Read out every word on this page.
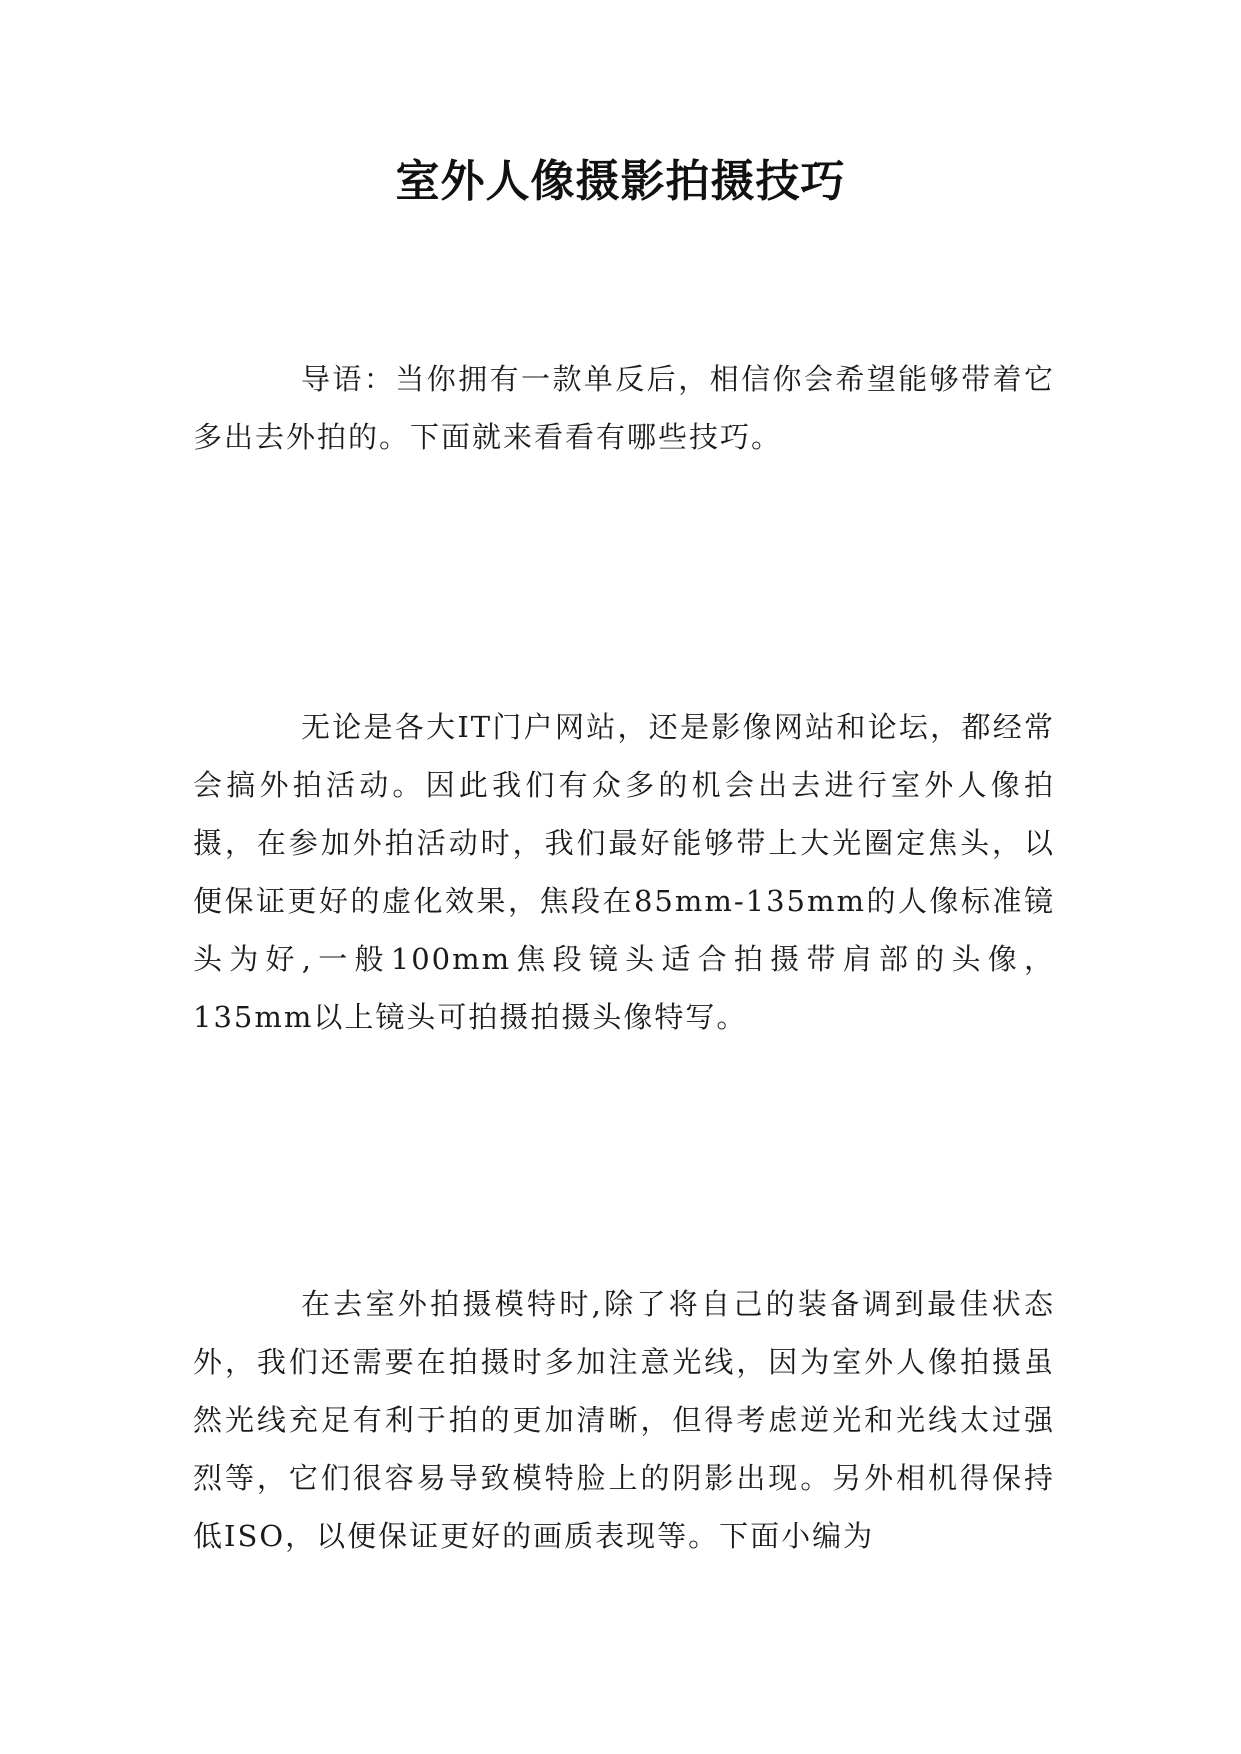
室外人像摄影拍摄技巧

导语：当你拥有一款单反后，相信你会希望能够带着它多出去外拍的。下面就来看看有哪些技巧。

无论是各大IT门户网站，还是影像网站和论坛，都经常会搞外拍活动。因此我们有众多的机会出去进行室外人像拍摄，在参加外拍活动时，我们最好能够带上大光圈定焦头，以便保证更好的虚化效果，焦段在85mm-135mm的人像标准镜头为好,一般100mm焦段镜头适合拍摄带肩部的头像，135mm以上镜头可拍摄拍摄头像特写。

在去室外拍摄模特时,除了将自己的装备调到最佳状态外，我们还需要在拍摄时多加注意光线，因为室外人像拍摄虽然光线充足有利于拍的更加清晰，但得考虑逆光和光线太过强烈等，它们很容易导致模特脸上的阴影出现。另外相机得保持低ISO，以便保证更好的画质表现等。下面小编为
